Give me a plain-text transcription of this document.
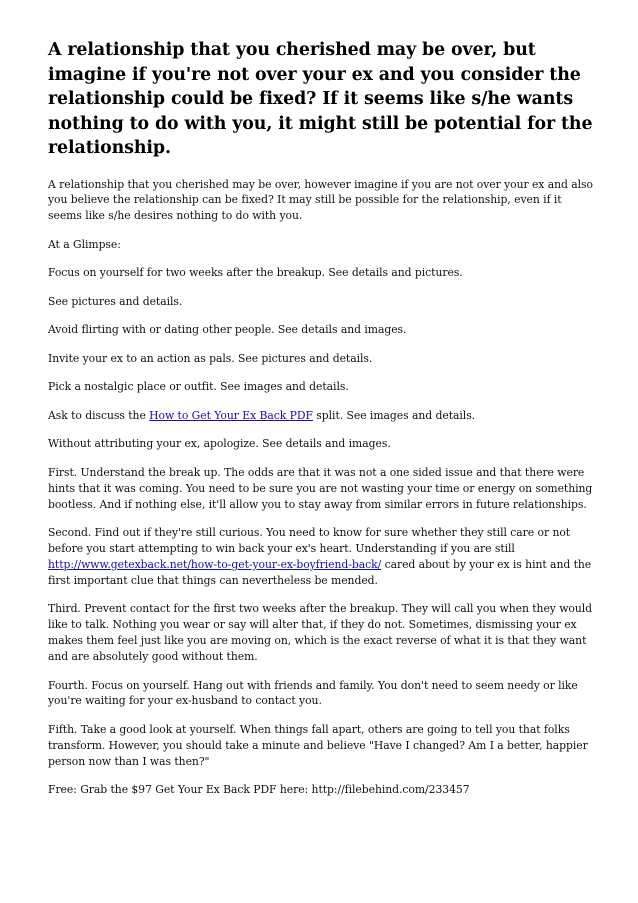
A relationship that you cherished may be over, but imagine if you're not over your ex and you consider the relationship could be fixed? If it seems like s/he wants nothing to do with you, it might still be potential for the relationship.

A relationship that you cherished may be over, however imagine if you are not over your ex and also you believe the relationship can be fixed? It may still be possible for the relationship, even if it seems like s/he desires nothing to do with you.

At a Glimpse:

Focus on yourself for two weeks after the breakup. See details and pictures.

See pictures and details.

Avoid flirting with or dating other people. See details and images.

Invite your ex to an action as pals. See pictures and details.

Pick a nostalgic place or outfit. See images and details.

Ask to discuss the How to Get Your Ex Back PDF split. See images and details.

Without attributing your ex, apologize. See details and images.

First. Understand the break up. The odds are that it was not a one sided issue and that there were hints that it was coming. You need to be sure you are not wasting your time or energy on something bootless. And if nothing else, it'll allow you to stay away from similar errors in future relationships.

Second. Find out if they're still curious. You need to know for sure whether they still care or not before you start attempting to win back your ex's heart. Understanding if you are still http://www.getexback.net/how-to-get-your-ex-boyfriend-back/ cared about by your ex is hint and the first important clue that things can nevertheless be mended.

Third. Prevent contact for the first two weeks after the breakup. They will call you when they would like to talk. Nothing you wear or say will alter that, if they do not. Sometimes, dismissing your ex makes them feel just like you are moving on, which is the exact reverse of what it is that they want and are absolutely good without them.

Fourth. Focus on yourself. Hang out with friends and family. You don't need to seem needy or like you're waiting for your ex-husband to contact you.

Fifth. Take a good look at yourself. When things fall apart, others are going to tell you that folks transform. However, you should take a minute and believe "Have I changed? Am I a better, happier person now than I was then?"

Free: Grab the $97 Get Your Ex Back PDF here: http://filebehind.com/233457
